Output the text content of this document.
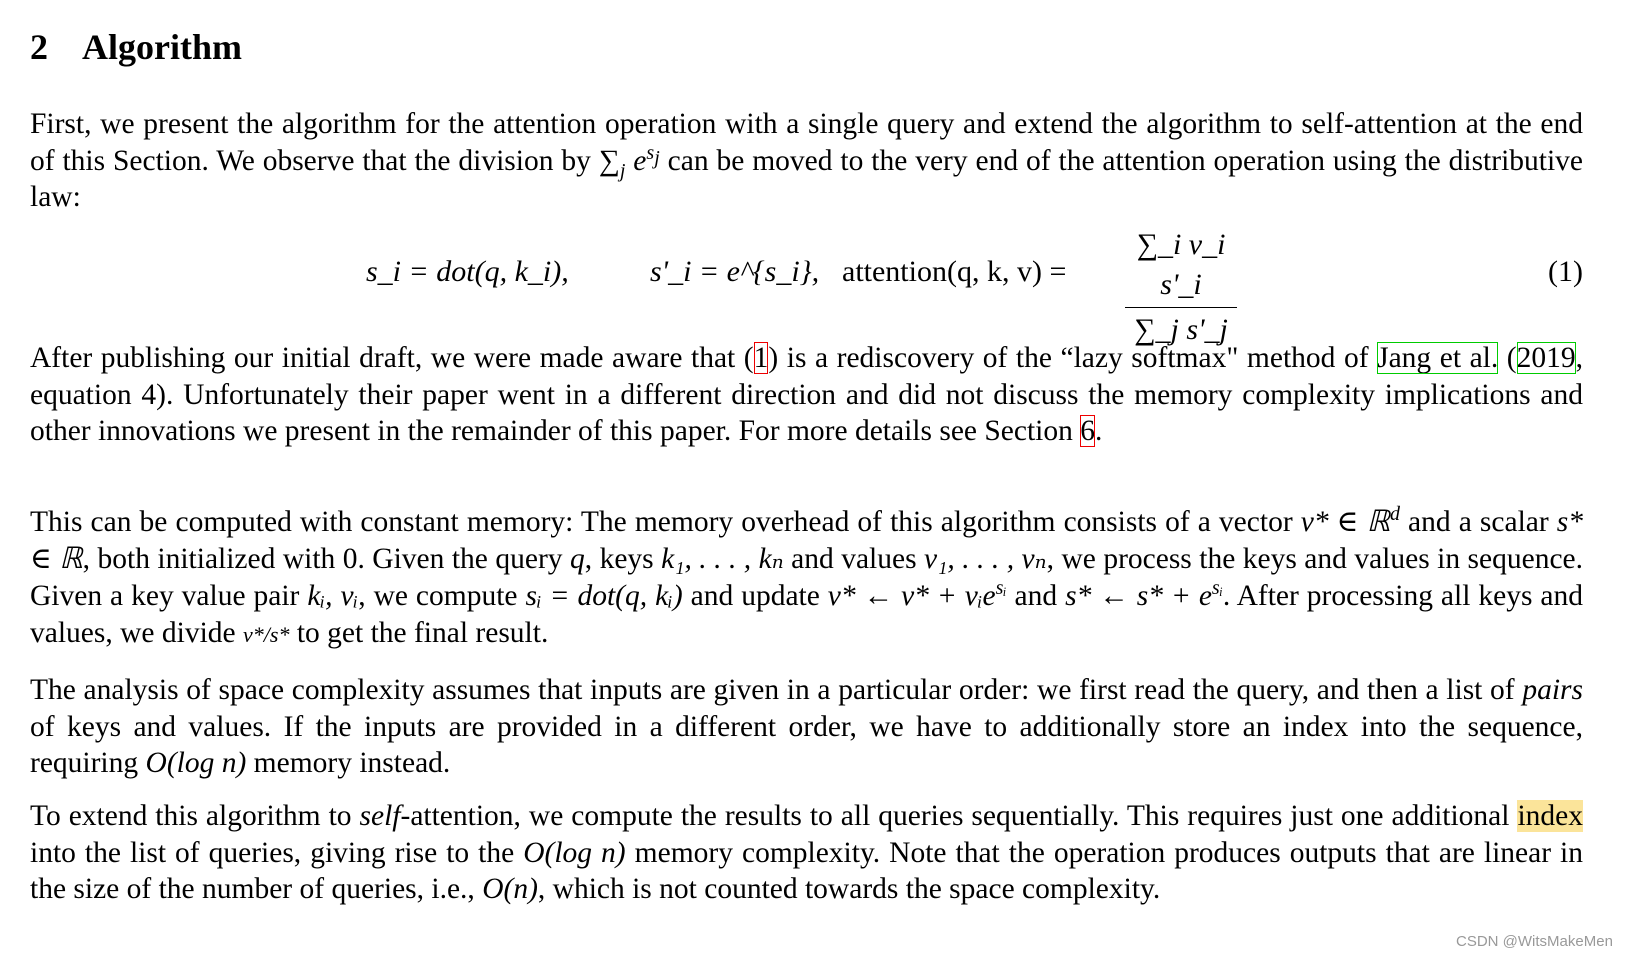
2 Algorithm
First, we present the algorithm for the attention operation with a single query and extend the algorithm to self-attention at the end of this Section. We observe that the division by $\sum_j$ $e^{s_j}$ can be moved to the very end of the attention operation using the distributive law:
s_i = dot(q, k_i),	s'_i = e^{s_i}, attention(q, k, v) =
∑_i v_i s'_i
∑_j s'_j
(1)
After publishing our initial draft, we were made aware that (1) is a rediscovery of the “lazy softmax" method of Jang et al. (2019, equation 4). Unfortunately their paper went in a different direction and did not discuss the memory complexity implications and other innovations we present in the remainder of this paper. For more details see Section 6.
This can be computed with constant memory: The memory overhead of this algorithm consists of a vector v* ∈ ℝ$^d$ and a scalar s* ∈ ℝ, both initialized with 0. Given the query q, keys k₁, . . . , kₙ and values v₁, . . . , vₙ, we process the keys and values in sequence. Given a key value pair kᵢ, vᵢ, we compute sᵢ = dot(q, kᵢ) and update v* ← v* + vᵢe$^{sᵢ}$ and s* ← $s* + e^{sᵢ}$. After processing all keys and values, we divide v*/s* to get the final result.
The analysis of space complexity assumes that inputs are given in a particular order: we first read the query, and then a list of pairs of keys and values. If the inputs are provided in a different order, we have to additionally store an index into the sequence, requiring O(log n) memory instead.
To extend this algorithm to self-attention, we compute the results to all queries sequentially. This requires just one additional index into the list of queries, giving rise to the O(log n) memory complexity. Note that the operation produces outputs that are linear in the size of the number of queries, i.e., O(n), which is not counted towards the space complexity.
CSDN @WitsMakeMen
